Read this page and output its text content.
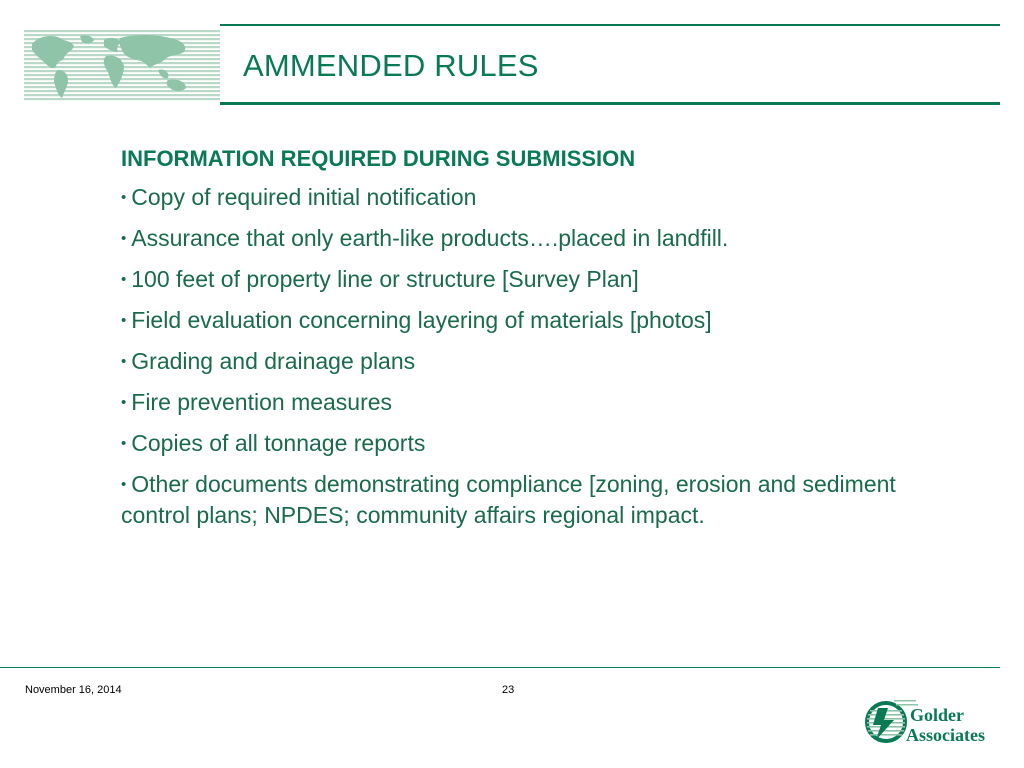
AMMENDED RULES
INFORMATION REQUIRED DURING SUBMISSION
• Copy of required initial notification
• Assurance that only earth-like products….placed in landfill.
• 100 feet of property line or structure [Survey Plan]
• Field evaluation concerning layering of materials [photos]
• Grading and drainage plans
• Fire prevention measures
• Copies of all tonnage reports
• Other documents demonstrating compliance [zoning, erosion and sediment control plans; NPDES; community affairs regional impact.
November 16, 2014	23
Golder
Associates
